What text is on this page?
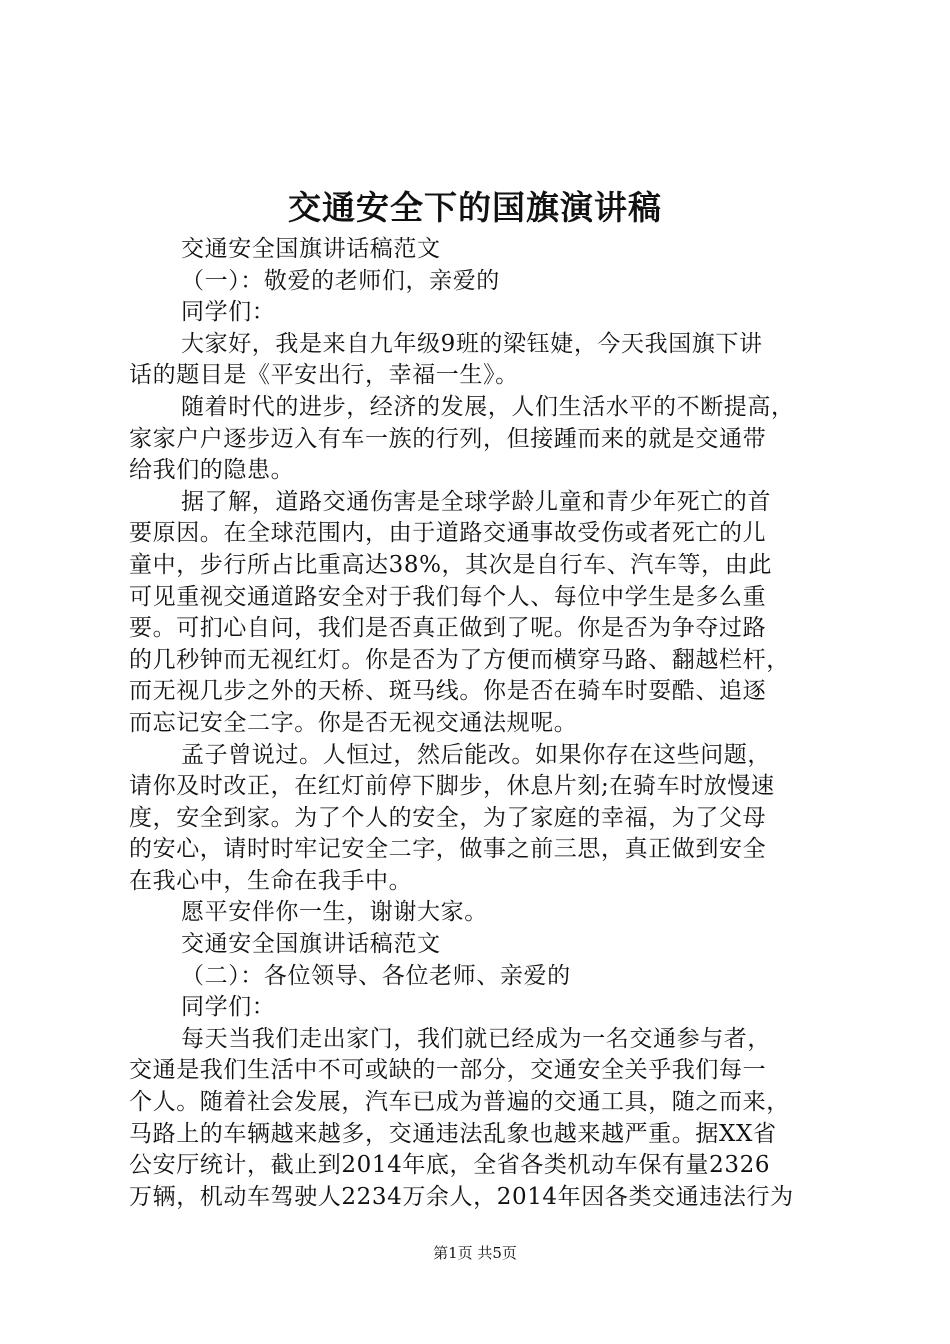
交通安全下的国旗演讲稿
交通安全国旗讲话稿范文
（一）：敬爱的老师们，亲爱的
同学们：
大家好，我是来自九年级9班的梁钰婕，今天我国旗下讲
话的题目是《平安出行，幸福一生》。
随着时代的进步，经济的发展，人们生活水平的不断提高，
家家户户逐步迈入有车一族的行列，但接踵而来的就是交通带
给我们的隐患。
据了解，道路交通伤害是全球学龄儿童和青少年死亡的首
要原因。在全球范围内，由于道路交通事故受伤或者死亡的儿
童中，步行所占比重高达38%，其次是自行车、汽车等，由此
可见重视交通道路安全对于我们每个人、每位中学生是多么重
要。可扪心自问，我们是否真正做到了呢。你是否为争夺过路
的几秒钟而无视红灯。你是否为了方便而横穿马路、翻越栏杆，
而无视几步之外的天桥、斑马线。你是否在骑车时耍酷、追逐
而忘记安全二字。你是否无视交通法规呢。
孟子曾说过。人恒过，然后能改。如果你存在这些问题，
请你及时改正，在红灯前停下脚步，休息片刻;在骑车时放慢速
度，安全到家。为了个人的安全，为了家庭的幸福，为了父母
的安心，请时时牢记安全二字，做事之前三思，真正做到安全
在我心中，生命在我手中。
愿平安伴你一生，谢谢大家。
交通安全国旗讲话稿范文
（二）：各位领导、各位老师、亲爱的
同学们：
每天当我们走出家门，我们就已经成为一名交通参与者，
交通是我们生活中不可或缺的一部分，交通安全关乎我们每一
个人。随着社会发展，汽车已成为普遍的交通工具，随之而来，
马路上的车辆越来越多，交通违法乱象也越来越严重。据XX省
公安厅统计，截止到2014年底，全省各类机动车保有量2326
万辆，机动车驾驶人2234万余人，2014年因各类交通违法行为
第1页 共5页
